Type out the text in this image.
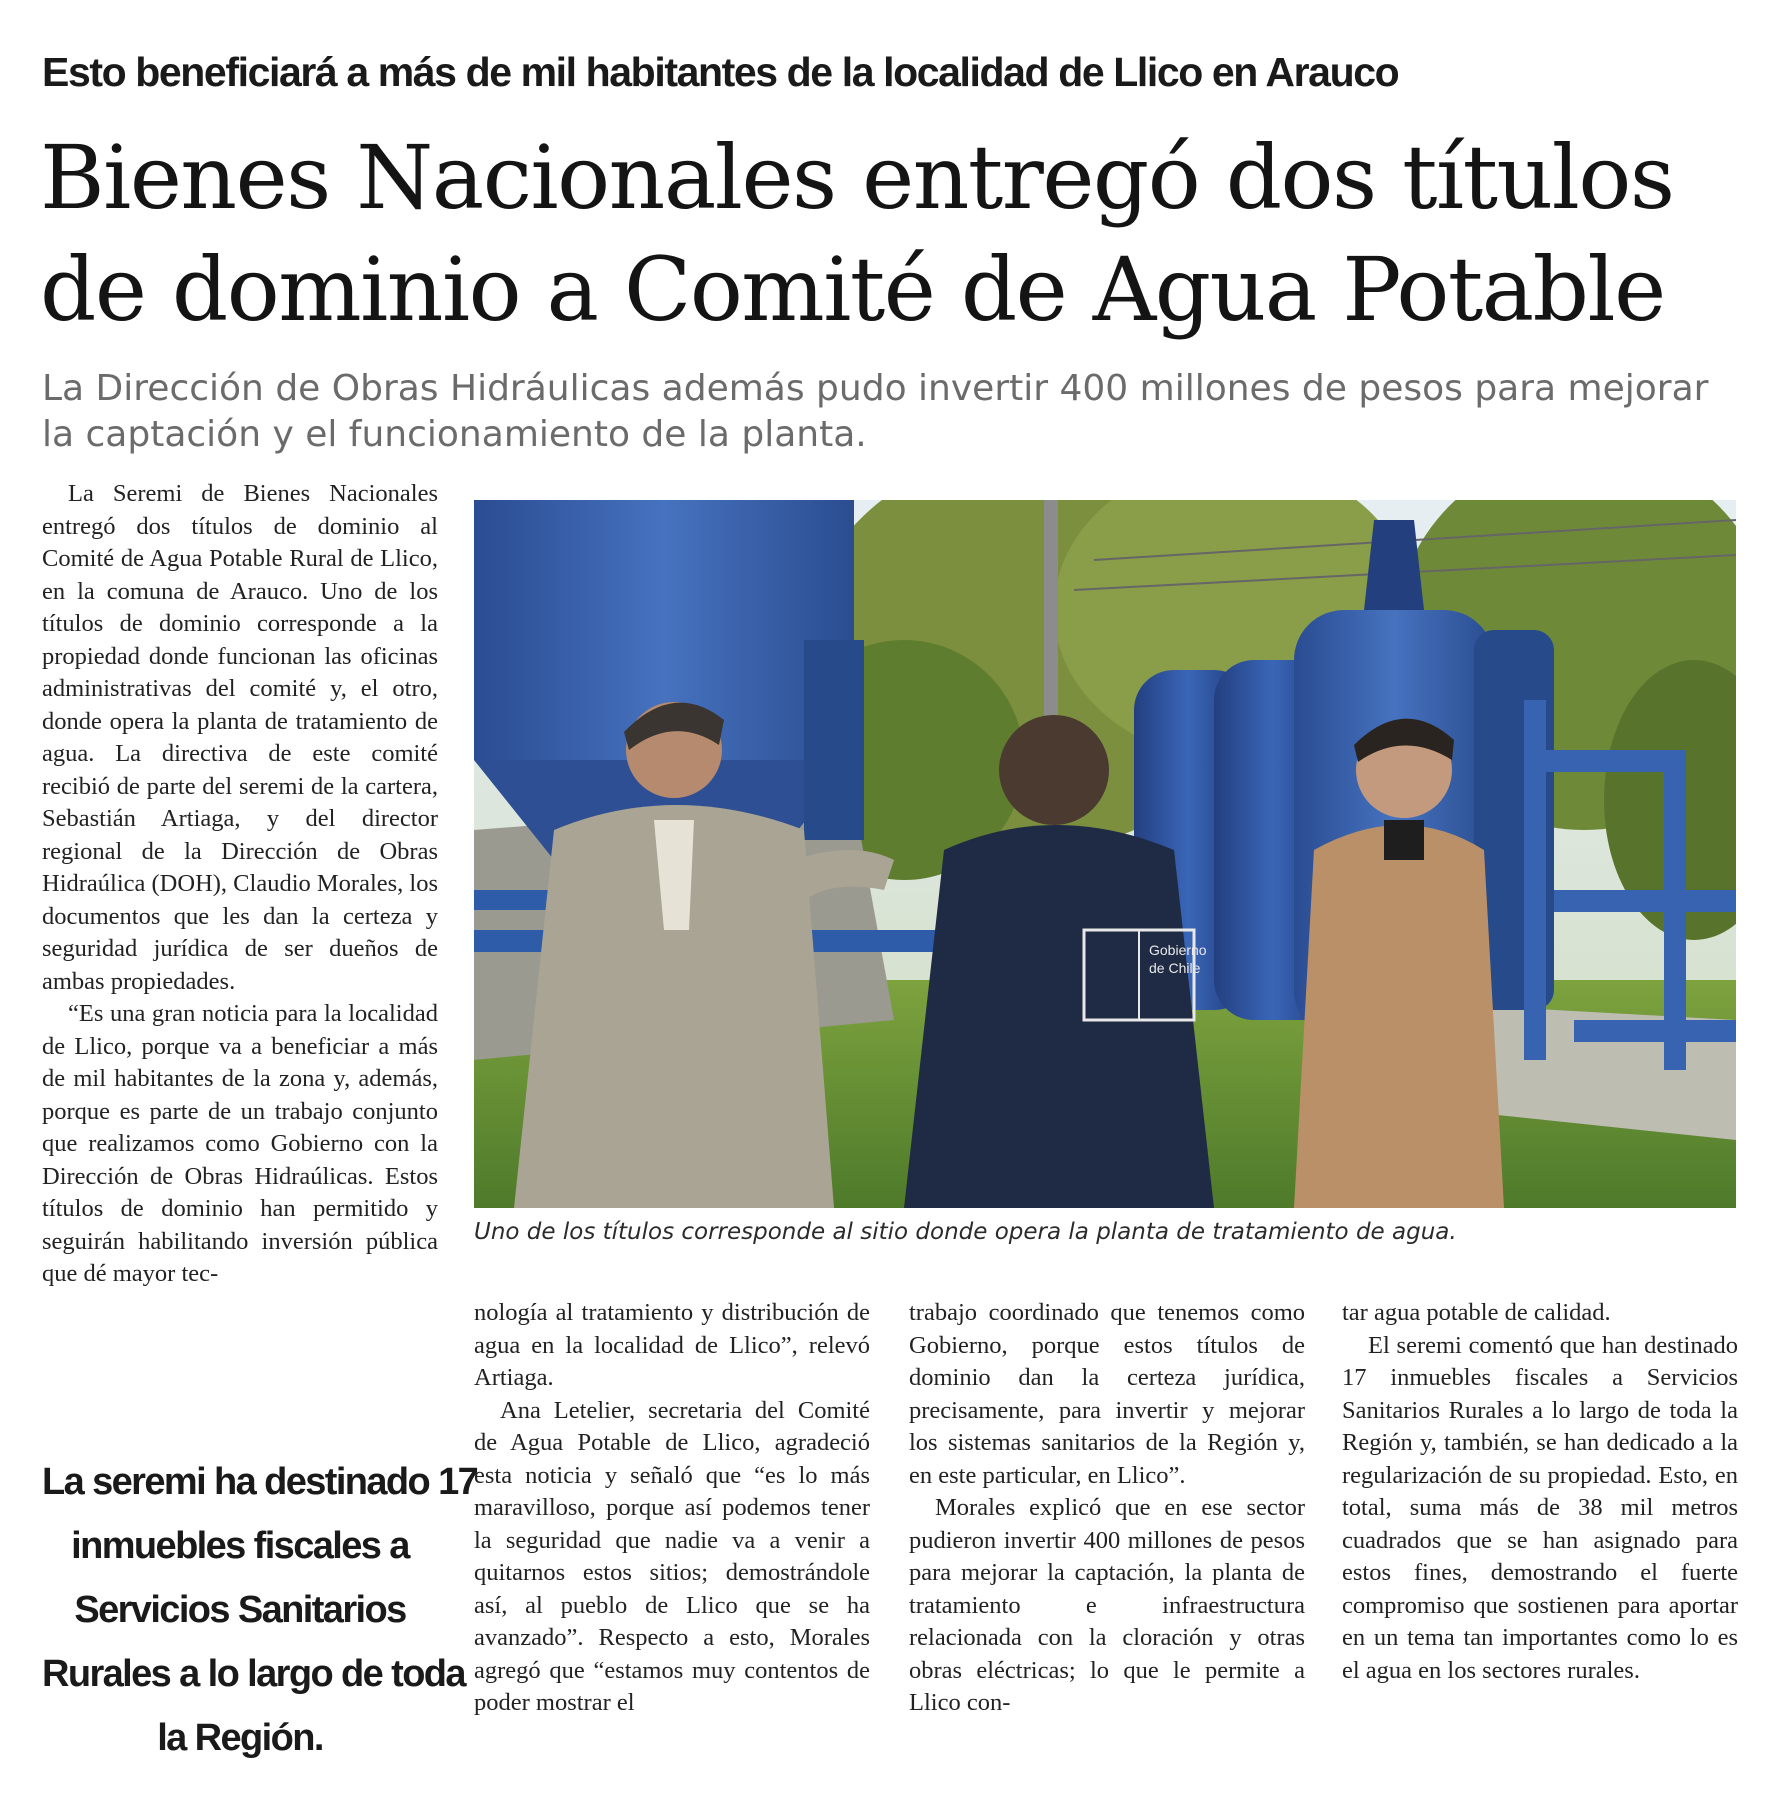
Esto beneficiará a más de mil habitantes de la localidad de Llico en Arauco
Bienes Nacionales entregó dos títulos
de dominio a Comité de Agua Potable
La Dirección de Obras Hidráulicas además pudo invertir 400 millones de pesos para mejorar
la captación y el funcionamiento de la planta.

La Seremi de Bienes Nacionales entregó dos títulos de dominio al Comité de Agua Potable Rural de Llico, en la comuna de Arauco. Uno de los títulos de dominio corresponde a la propiedad donde funcionan las oficinas administrativas del comité y, el otro, donde opera la planta de tratamiento de agua. La directiva de este comité recibió de parte del seremi de la cartera, Sebastián Artiaga, y del director regional de la Dirección de Obras Hidraúlica (DOH), Claudio Morales, los documentos que les dan la certeza y seguridad jurídica de ser dueños de ambas propiedades.

“Es una gran noticia para la localidad de Llico, porque va a beneficiar a más de mil habitantes de la zona y, además, porque es parte de un trabajo conjunto que realizamos como Gobierno con la Dirección de Obras Hidraúlicas. Estos títulos de dominio han permitido y seguirán habilitando inversión pública que dé mayor tec-

La seremi ha destinado 17
inmuebles fiscales a
Servicios Sanitarios
Rurales a lo largo de toda
la Región.
Gobierno
de Chile
Uno de los títulos corresponde al sitio donde opera la planta de tratamiento de agua.

nología al tratamiento y distribución de agua en la localidad de Llico”, relevó Artiaga.

Ana Letelier, secretaria del Comité de Agua Potable de Llico, agradeció esta noticia y señaló que “es lo más maravilloso, porque así podemos tener la seguridad que nadie va a venir a quitarnos estos sitios; demostrándole así, al pueblo de Llico que se ha avanzado”. Respecto a esto, Morales agregó que “estamos muy contentos de poder mostrar el

trabajo coordinado que tenemos como Gobierno, porque estos títulos de dominio dan la certeza jurídica, precisamente, para invertir y mejorar los sistemas sanitarios de la Región y, en este particular, en Llico”.

Morales explicó que en ese sector pudieron invertir 400 millones de pesos para mejorar la captación, la planta de tratamiento e infraestructura relacionada con la cloración y otras obras eléctricas; lo que le permite a Llico con-

tar agua potable de calidad.

El seremi comentó que han destinado 17 inmuebles fiscales a Servicios Sanitarios Rurales a lo largo de toda la Región y, también, se han dedicado a la regularización de su propiedad. Esto, en total, suma más de 38 mil metros cuadrados que se han asignado para estos fines, demostrando el fuerte compromiso que sostienen para aportar en un tema tan importantes como lo es el agua en los sectores rurales.
